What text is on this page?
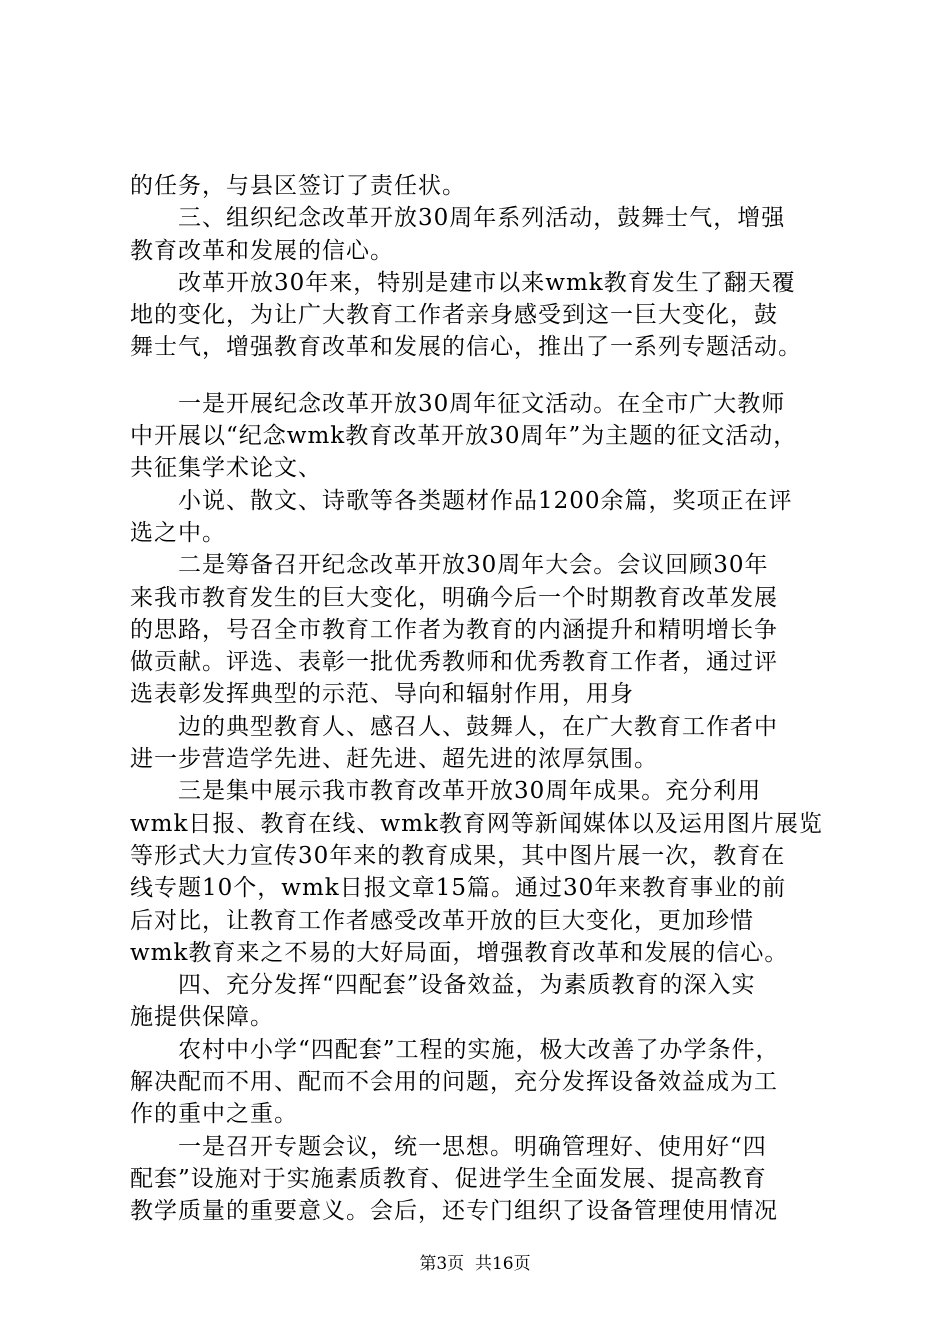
的任务，与县区签订了责任状。
　　三、组织纪念改革开放30周年系列活动，鼓舞士气，增强
教育改革和发展的信心。
　　改革开放30年来，特别是建市以来wmk教育发生了翻天覆
地的变化，为让广大教育工作者亲身感受到这一巨大变化，鼓
舞士气，增强教育改革和发展的信心，推出了一系列专题活动。
　　一是开展纪念改革开放30周年征文活动。在全市广大教师
中开展以“纪念wmk教育改革开放30周年”为主题的征文活动，
共征集学术论文、
　　小说、散文、诗歌等各类题材作品1200余篇，奖项正在评
选之中。
　　二是筹备召开纪念改革开放30周年大会。会议回顾30年
来我市教育发生的巨大变化，明确今后一个时期教育改革发展
的思路，号召全市教育工作者为教育的内涵提升和精明增长争
做贡献。评选、表彰一批优秀教师和优秀教育工作者，通过评
选表彰发挥典型的示范、导向和辐射作用，用身
　　边的典型教育人、感召人、鼓舞人，在广大教育工作者中
进一步营造学先进、赶先进、超先进的浓厚氛围。
　　三是集中展示我市教育改革开放30周年成果。充分利用
wmk日报、教育在线、wmk教育网等新闻媒体以及运用图片展览
等形式大力宣传30年来的教育成果，其中图片展一次，教育在
线专题10个，wmk日报文章15篇。通过30年来教育事业的前
后对比，让教育工作者感受改革开放的巨大变化，更加珍惜
wmk教育来之不易的大好局面，增强教育改革和发展的信心。
　　四、充分发挥“四配套”设备效益，为素质教育的深入实
施提供保障。
　　农村中小学“四配套”工程的实施，极大改善了办学条件，
解决配而不用、配而不会用的问题，充分发挥设备效益成为工
作的重中之重。
　　一是召开专题会议，统一思想。明确管理好、使用好“四
配套”设施对于实施素质教育、促进学生全面发展、提高教育
教学质量的重要意义。会后，还专门组织了设备管理使用情况
第3页  共16页
